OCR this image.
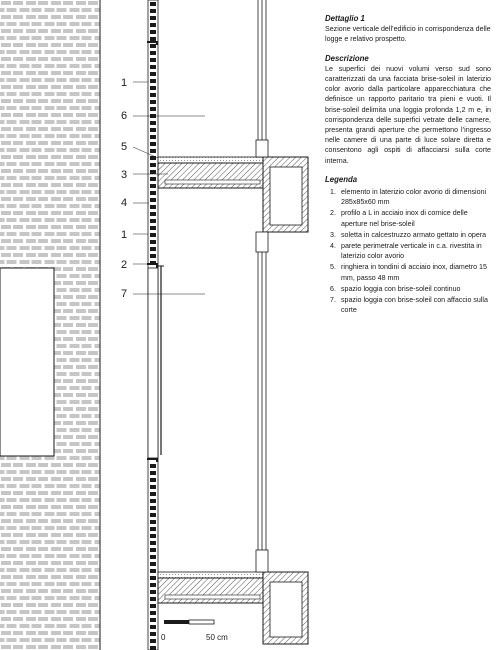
1
6
5
3
4
1
2
7
0	50 cm

Dettaglio 1

Sezione verticale dell’edificio in corrispondenza delle logge e relativo prospetto.

Descrizione

Le superfici dei nuovi volumi verso sud sono caratterizzati da una facciata brise-soleil in laterizio color avorio dalla particolare apparecchiatura che definisce un rapporto paritario tra pieni e vuoti. Il brise-soleil delimita una loggia profonda 1,2 m e, in corrispondenza delle superfici vetrate delle camere, presenta grandi aperture che permettono l’ingresso nelle camere di una parte di luce solare diretta e consentono agli ospiti di affacciarsi sulla corte interna.

Legenda

1. elemento in laterizio color avorio di dimensioni 285x85x60 mm
2. profilo a L in acciaio inox di cornice delle aperture nel brise-soleil
3. soletta in calcestruzzo armato gettato in opera
4. parete perimetrale verticale in c.a. rivestita in laterizio color avorio
5. ringhiera in tondini di acciaio inox, diametro 15 mm, passo 48 mm
6. spazio loggia con brise-soleil continuo
7. spazio loggia con brise-soleil con affaccio sulla corte
